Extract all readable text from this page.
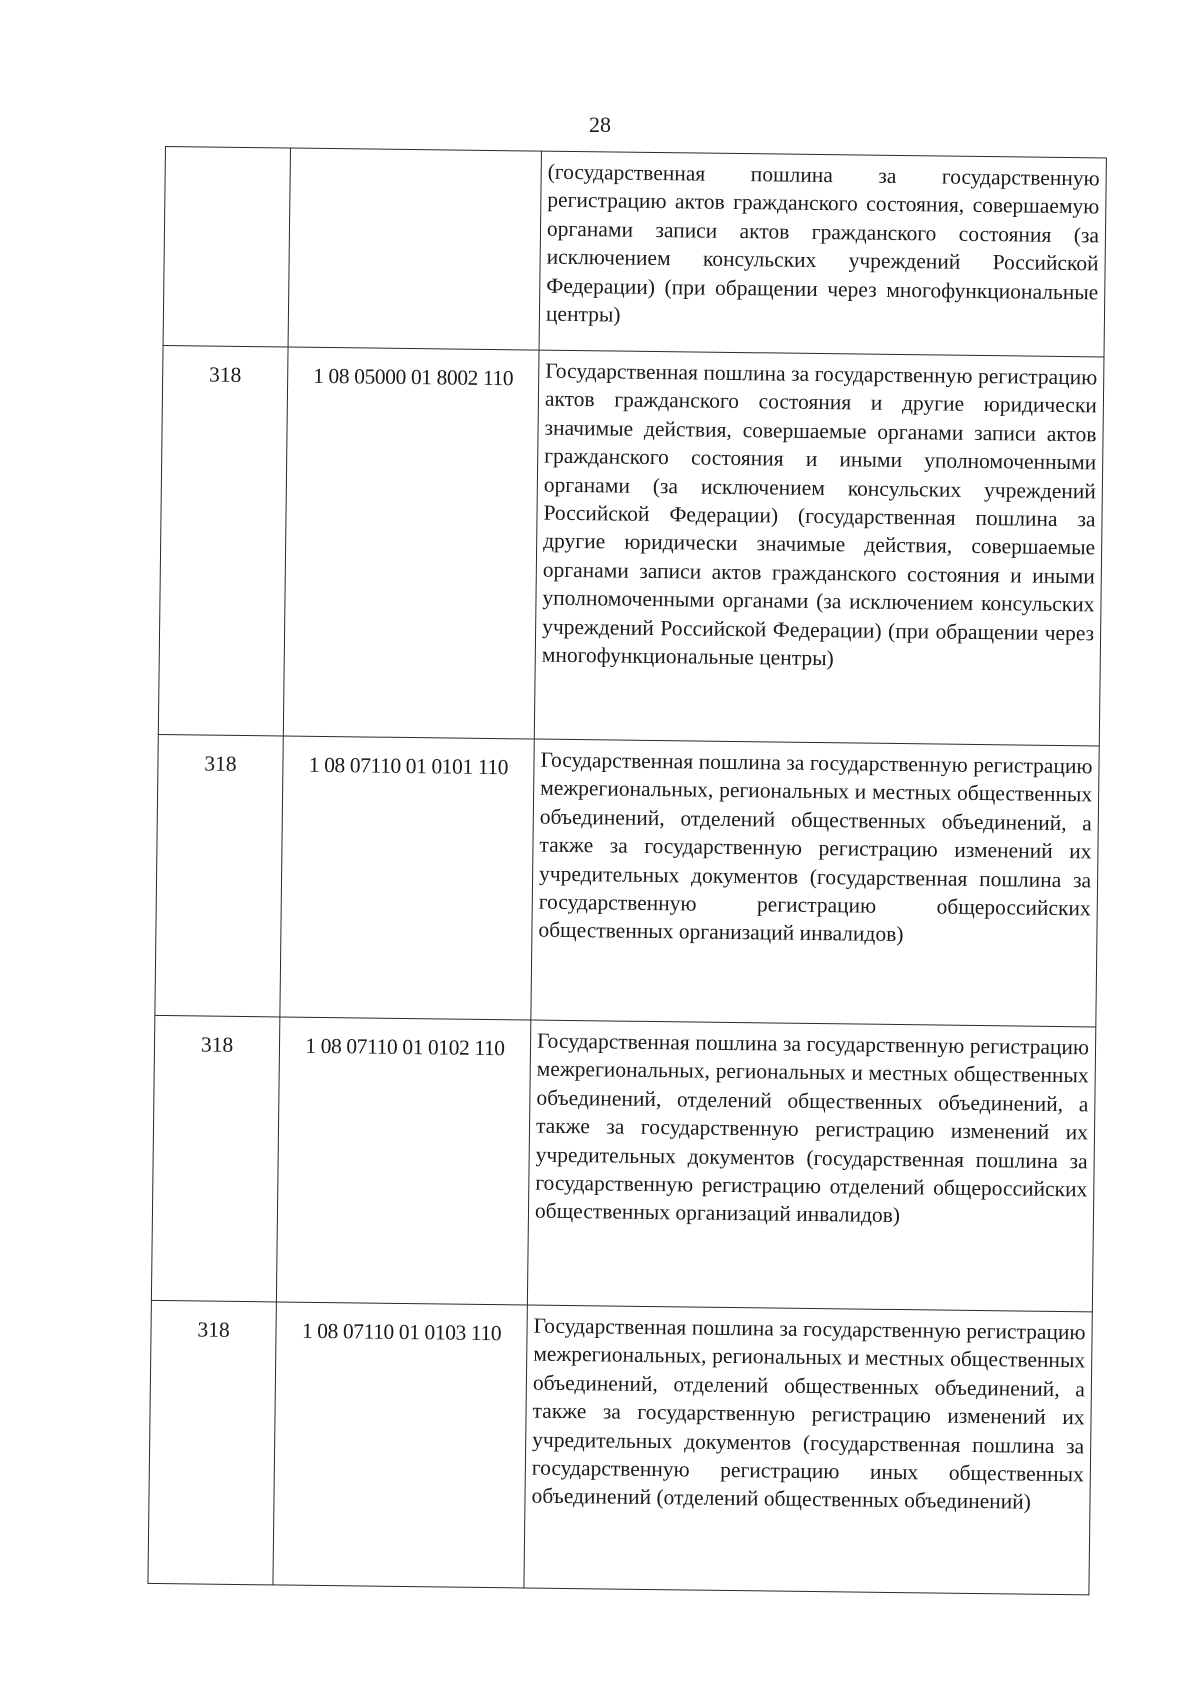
28
		(государственная пошлина за государственную регистрацию актов гражданского состояния, совершаемую органами записи актов гражданского состояния (за исключением консульских учреждений Российской Федерации) (при обращении через многофункциональные центры)
318	1 08 05000 01 8002 110	Государственная пошлина за государственную регистрацию актов гражданского состояния и другие юридически значимые действия, совершаемые органами записи актов гражданского состояния и иными уполномоченными органами (за исключением консульских учреждений Российской Федерации) (государственная пошлина за другие юридически значимые действия, совершаемые органами записи актов гражданского состояния и иными уполномоченными органами (за исключением консульских учреждений Российской Федерации) (при обращении через многофункциональные центры)
318	1 08 07110 01 0101 110	Государственная пошлина за государственную регистрацию межрегиональных, региональных и местных общественных объединений, отделений общественных объединений, а также за государственную регистрацию изменений их учредительных документов (государственная пошлина за государственную регистрацию общероссийских общественных организаций инвалидов)
318	1 08 07110 01 0102 110	Государственная пошлина за государственную регистрацию межрегиональных, региональных и местных общественных объединений, отделений общественных объединений, а также за государственную регистрацию изменений их учредительных документов (государственная пошлина за государственную регистрацию отделений общероссийских общественных организаций инвалидов)
318	1 08 07110 01 0103 110	Государственная пошлина за государственную регистрацию межрегиональных, региональных и местных общественных объединений, отделений общественных объединений, а также за государственную регистрацию изменений их учредительных документов (государственная пошлина за государственную регистрацию иных общественных объединений (отделений общественных объединений)
